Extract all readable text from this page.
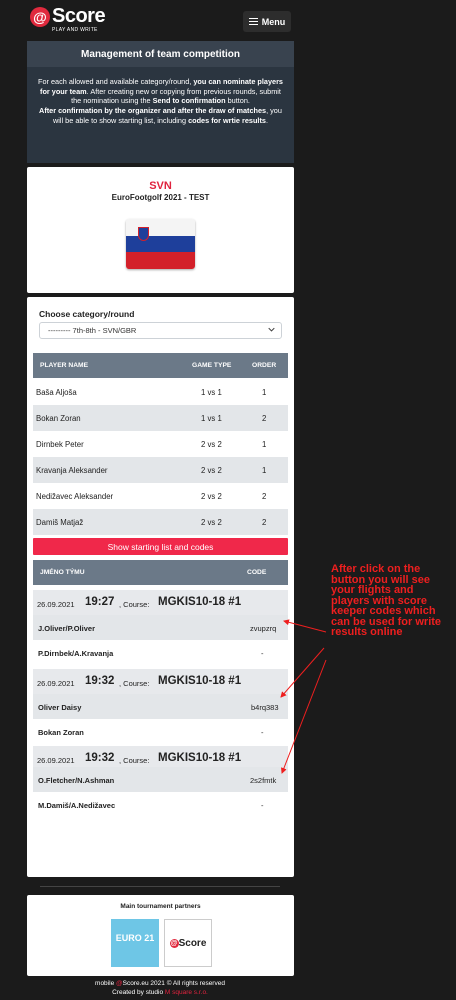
@ Score
PLAY AND WRITE
Menu
Management of team competition
For each allowed and available category/round, you can nominate players for your team. After creating new or copying from previous rounds, submit the nomination using the Send to confirmation button.
After confirmation by the organizer and after the draw of matches, you will be able to show starting list, including codes for wrtie results.
SVN
EuroFootgolf 2021 - TEST
Choose category/round
--------- 7th-8th - SVN/GBR
PLAYER NAME	GAME TYPE	ORDER
Baša Aljoša	1 vs 1	1
Bokan Zoran	1 vs 1	2
Dirnbek Peter	2 vs 2	1
Kravanja Aleksander	2 vs 2	1
Nedižavec Aleksander	2 vs 2	2
Damiš Matjaž	2 vs 2	2
Show starting list and codes
JMÉNO TÝMU	CODE
26.09.2021 19:27 , Course: MGKIS10-18 #1
J.Oliver/P.Oliver	zvupzrq
P.Dirnbek/A.Kravanja	-
26.09.2021 19:32 , Course: MGKIS10-18 #1
Oliver Daisy	b4rq383
Bokan Zoran	-
26.09.2021 19:32 , Course: MGKIS10-18 #1
O.Fletcher/N.Ashman	2s2fmtk
M.Damiš/A.Nedižavec	-
After click on the button you will see your flights and players with score keeper codes which can be used for write results online
Main tournament partners
EURO 21	@ Score
mobile @Score.eu 2021 © All rights reserved
Created by studio M square s.r.o.
